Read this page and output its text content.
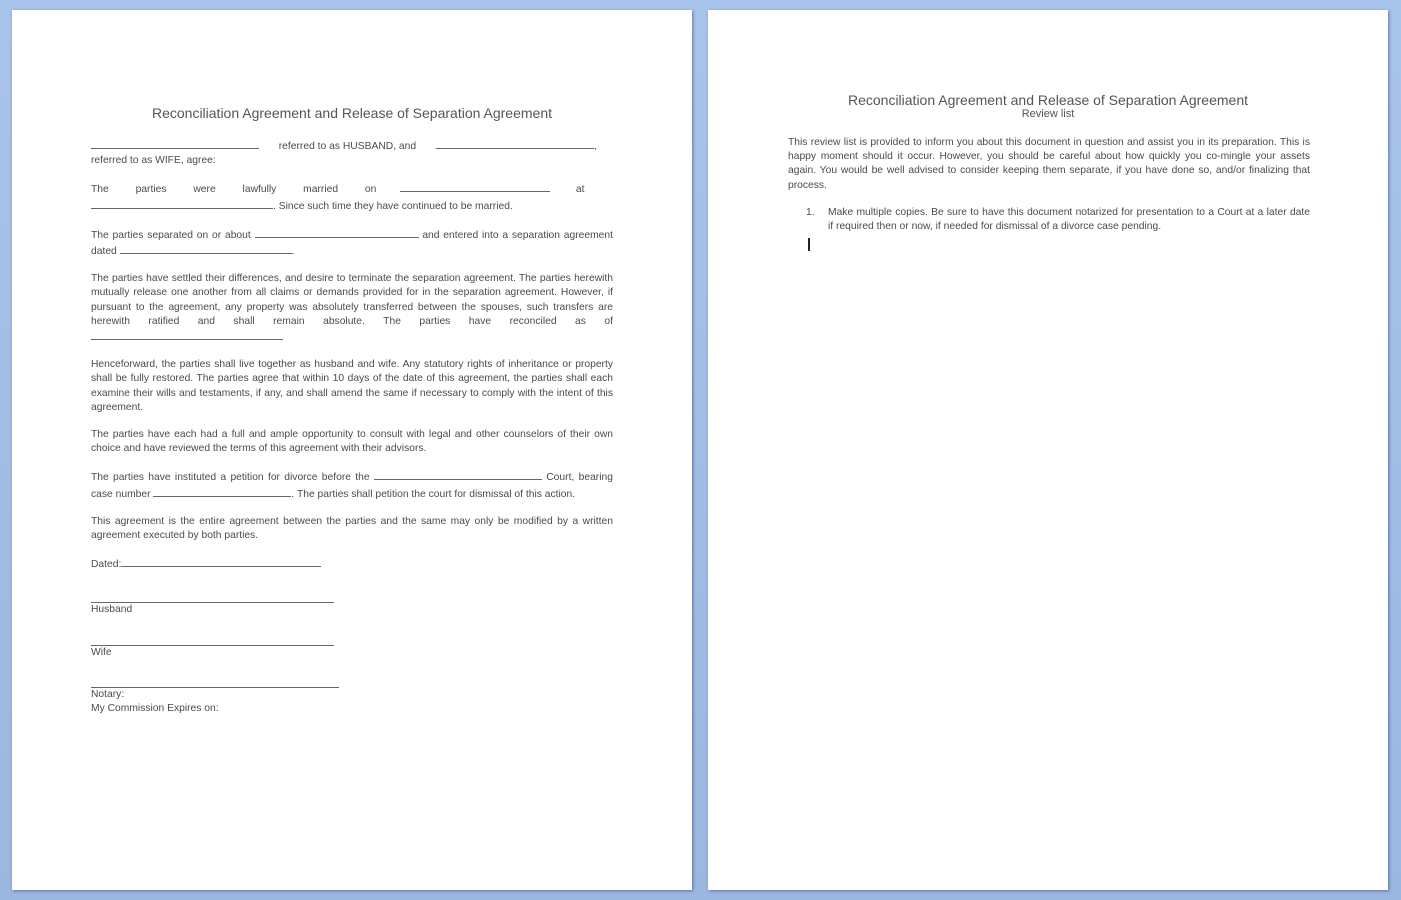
Reconciliation Agreement and Release of Separation Agreement
referred to as HUSBAND, and	,
referred to as WIFE, agree:
The parties were lawfully married on	at
. Since such time they have continued to be married.
The parties separated on or about	and entered into a separation agreement dated	.
The parties have settled their differences, and desire to terminate the separation agreement. The parties herewith mutually release one another from all claims or demands provided for in the separation agreement. However, if pursuant to the agreement, any property was absolutely transferred between the spouses, such transfers are herewith ratified and shall remain absolute. The parties have reconciled as of
Henceforward, the parties shall live together as husband and wife. Any statutory rights of inheritance or property shall be fully restored. The parties agree that within 10 days of the date of this agreement, the parties shall each examine their wills and testaments, if any, and shall amend the same if necessary to comply with the intent of this agreement.
The parties have each had a full and ample opportunity to consult with legal and other counselors of their own choice and have reviewed the terms of this agreement with their advisors.
The parties have instituted a petition for divorce before the	Court, bearing case number	. The parties shall petition the court for dismissal of this action.
This agreement is the entire agreement between the parties and the same may only be modified by a written agreement executed by both parties.
Dated:
Husband
Wife
Notary:
My Commission Expires on:
Reconciliation Agreement and Release of Separation Agreement
Review list
This review list is provided to inform you about this document in question and assist you in its preparation. This is happy moment should it occur. However, you should be careful about how quickly you co-mingle your assets again. You would be well advised to consider keeping them separate, if you have done so, and/or finalizing that process.
1.	Make multiple copies. Be sure to have this document notarized for presentation to a Court at a later date if required then or now, if needed for dismissal of a divorce case pending.
